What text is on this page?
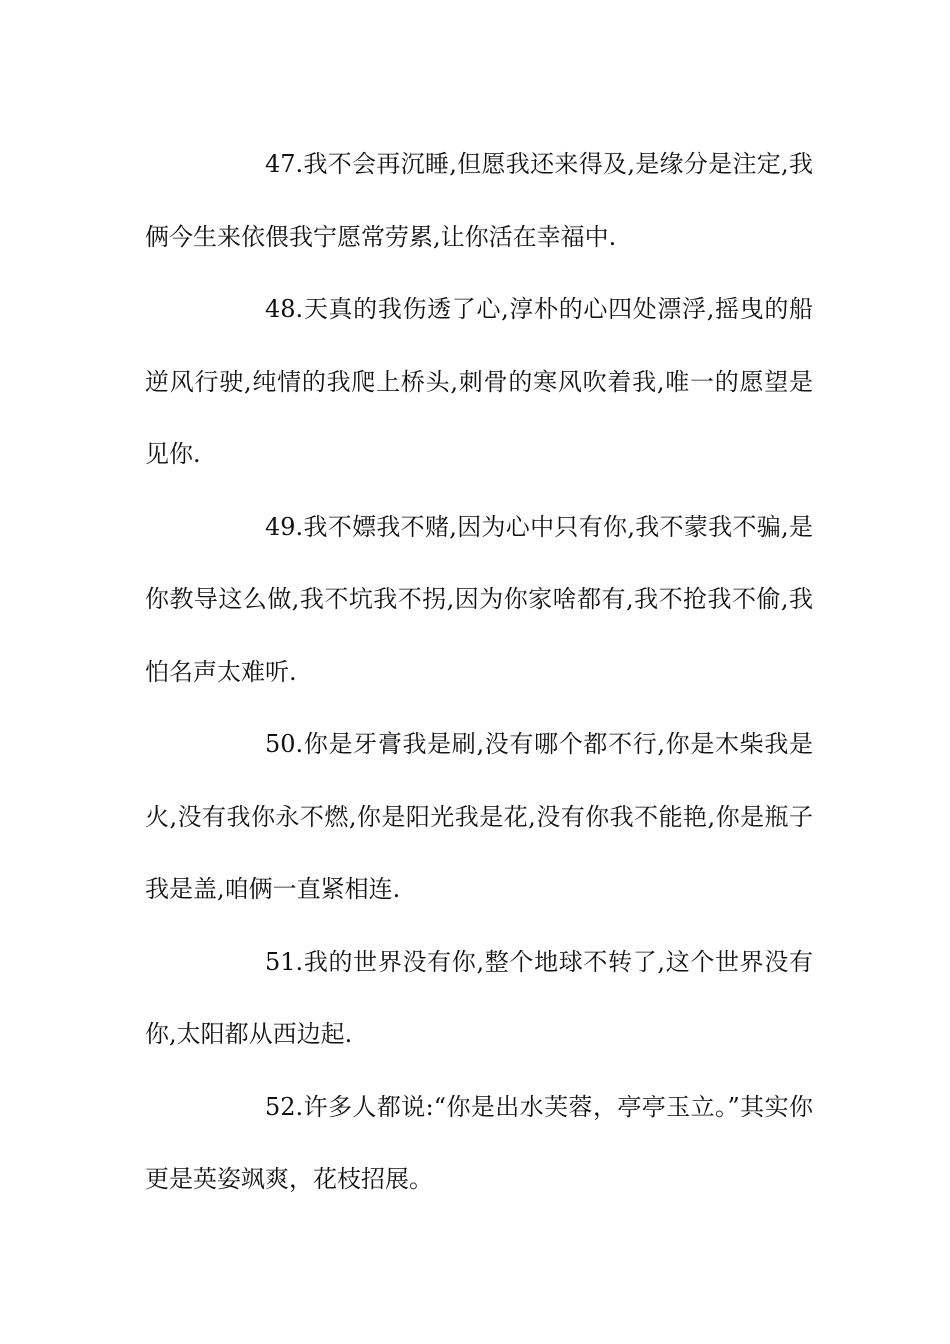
47.我不会再沉睡,但愿我还来得及,是缘分是注定,我俩今生来依偎我宁愿常劳累,让你活在幸福中.

48.天真的我伤透了心,淳朴的心四处漂浮,摇曳的船逆风行驶,纯情的我爬上桥头,刺骨的寒风吹着我,唯一的愿望是见你.

49.我不嫖我不赌,因为心中只有你,我不蒙我不骗,是你教导这么做,我不坑我不拐,因为你家啥都有,我不抢我不偷,我怕名声太难听.

50.你是牙膏我是刷,没有哪个都不行,你是木柴我是火,没有我你永不燃,你是阳光我是花,没有你我不能艳,你是瓶子我是盖,咱俩一直紧相连.

51.我的世界没有你,整个地球不转了,这个世界没有你,太阳都从西边起.

52.许多人都说:“你是出水芙蓉，亭亭玉立。”其实你更是英姿飒爽，花枝招展。
